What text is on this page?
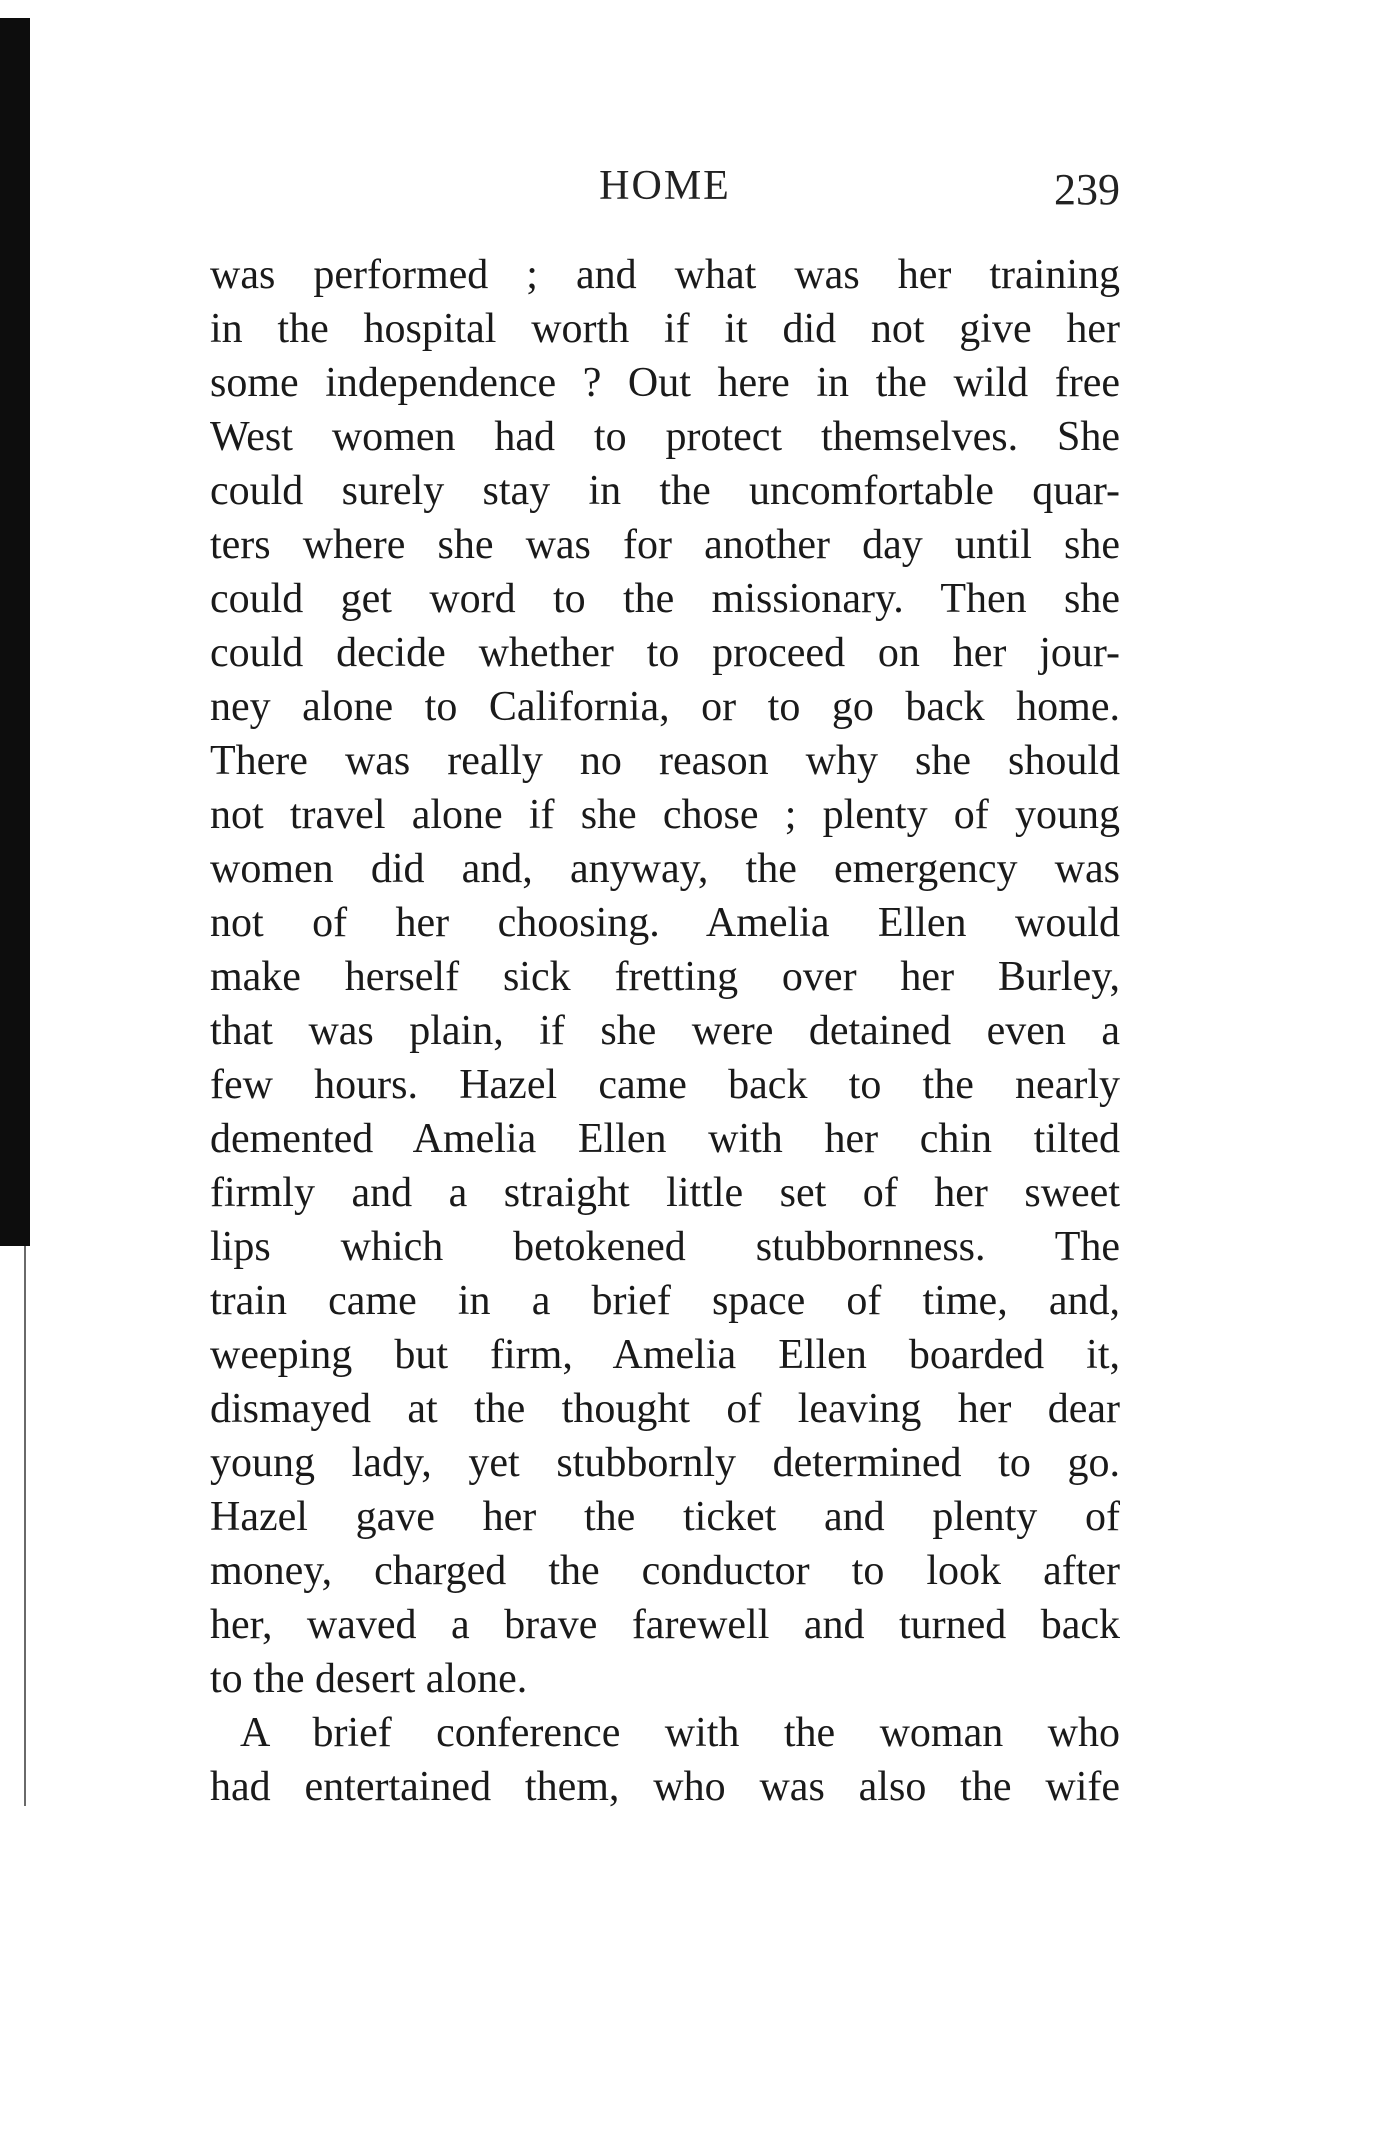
HOME	239
was performed ; and what was her training
in the hospital worth if it did not give her
some independence ? Out here in the wild free
West women had to protect themselves. She
could surely stay in the uncomfortable quar-
ters where she was for another day until she
could get word to the missionary. Then she
could decide whether to proceed on her jour-
ney alone to California, or to go back home.
There was really no reason why she should
not travel alone if she chose ; plenty of young
women did and, anyway, the emergency was
not of her choosing. Amelia Ellen would
make herself sick fretting over her Burley,
that was plain, if she were detained even a
few hours. Hazel came back to the nearly
demented Amelia Ellen with her chin tilted
firmly and a straight little set of her sweet
lips which betokened stubbornness. The
train came in a brief space of time, and,
weeping but firm, Amelia Ellen boarded it,
dismayed at the thought of leaving her dear
young lady, yet stubbornly determined to go.
Hazel gave her the ticket and plenty of
money, charged the conductor to look after
her, waved a brave farewell and turned back
to the desert alone.
A brief conference with the woman who
had entertained them, who was also the wife
